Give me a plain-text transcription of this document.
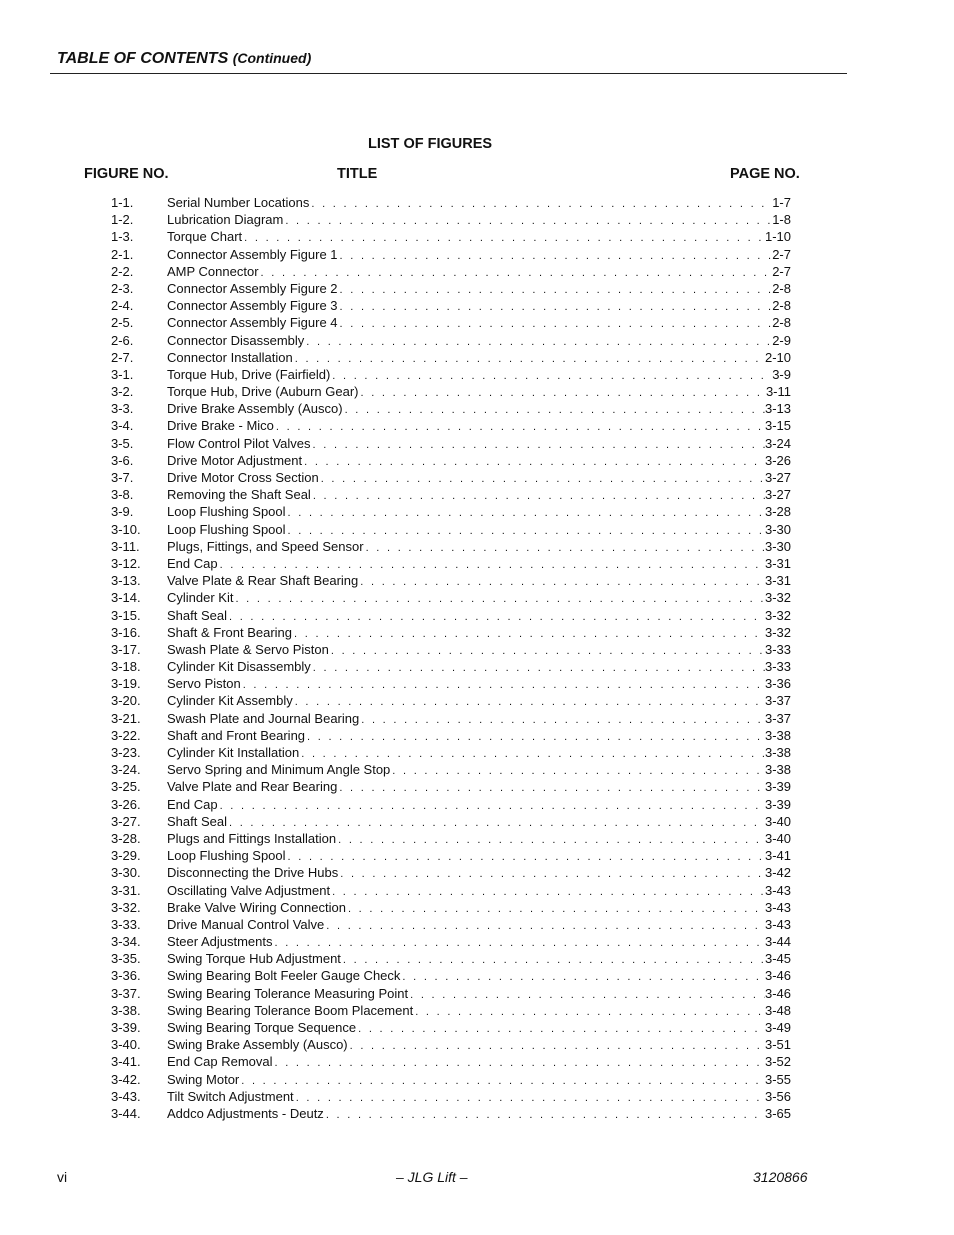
TABLE OF CONTENTS (Continued)
LIST OF FIGURES
FIGURE NO.	TITLE	PAGE NO.
1-1.	Serial Number Locations . . .	1-7
1-2.	Lubrication Diagram . . .	1-8
1-3.	Torque Chart . . .	1-10
2-1.	Connector Assembly Figure 1 . . .	2-7
2-2.	AMP Connector . . .	2-7
2-3.	Connector Assembly Figure 2 . . .	2-8
2-4.	Connector Assembly Figure 3 . . .	2-8
2-5.	Connector Assembly Figure 4 . . .	2-8
2-6.	Connector Disassembly . . .	2-9
2-7.	Connector Installation . . .	2-10
3-1.	Torque Hub, Drive (Fairfield) . . .	3-9
3-2.	Torque Hub, Drive (Auburn Gear) . . .	3-11
3-3.	Drive Brake Assembly (Ausco) . . .	3-13
3-4.	Drive Brake - Mico . . .	3-15
3-5.	Flow Control Pilot Valves . . .	3-24
3-6.	Drive Motor Adjustment . . .	3-26
3-7.	Drive Motor Cross Section . . .	3-27
3-8.	Removing the Shaft Seal . . .	3-27
3-9.	Loop Flushing Spool . . .	3-28
3-10.	Loop Flushing Spool . . .	3-30
3-11.	Plugs, Fittings, and Speed Sensor . . .	3-30
3-12.	End Cap . . .	3-31
3-13.	Valve Plate & Rear Shaft Bearing . . .	3-31
3-14.	Cylinder Kit . . .	3-32
3-15.	Shaft Seal . . .	3-32
3-16.	Shaft & Front Bearing . . .	3-32
3-17.	Swash Plate & Servo Piston . . .	3-33
3-18.	Cylinder Kit Disassembly . . .	3-33
3-19.	Servo Piston . . .	3-36
3-20.	Cylinder Kit Assembly . . .	3-37
3-21.	Swash Plate and Journal Bearing . . .	3-37
3-22.	Shaft and Front Bearing . . .	3-38
3-23.	Cylinder Kit Installation . . .	3-38
3-24.	Servo Spring and Minimum Angle Stop . . .	3-38
3-25.	Valve Plate and Rear Bearing . . .	3-39
3-26.	End Cap . . .	3-39
3-27.	Shaft Seal . . .	3-40
3-28.	Plugs and Fittings Installation . . .	3-40
3-29.	Loop Flushing Spool . . .	3-41
3-30.	Disconnecting the Drive Hubs . . .	3-42
3-31.	Oscillating Valve Adjustment . . .	3-43
3-32.	Brake Valve Wiring Connection . . .	3-43
3-33.	Drive Manual Control Valve . . .	3-43
3-34.	Steer Adjustments . . .	3-44
3-35.	Swing Torque Hub Adjustment . . .	3-45
3-36.	Swing Bearing Bolt Feeler Gauge Check . . .	3-46
3-37.	Swing Bearing Tolerance Measuring Point . . .	3-46
3-38.	Swing Bearing Tolerance Boom Placement . . .	3-48
3-39.	Swing Bearing Torque Sequence . . .	3-49
3-40.	Swing Brake Assembly (Ausco) . . .	3-51
3-41.	End Cap Removal . . .	3-52
3-42.	Swing Motor . . .	3-55
3-43.	Tilt Switch Adjustment . . .	3-56
3-44.	Addco Adjustments - Deutz . . .	3-65
vi	– JLG Lift –	3120866
